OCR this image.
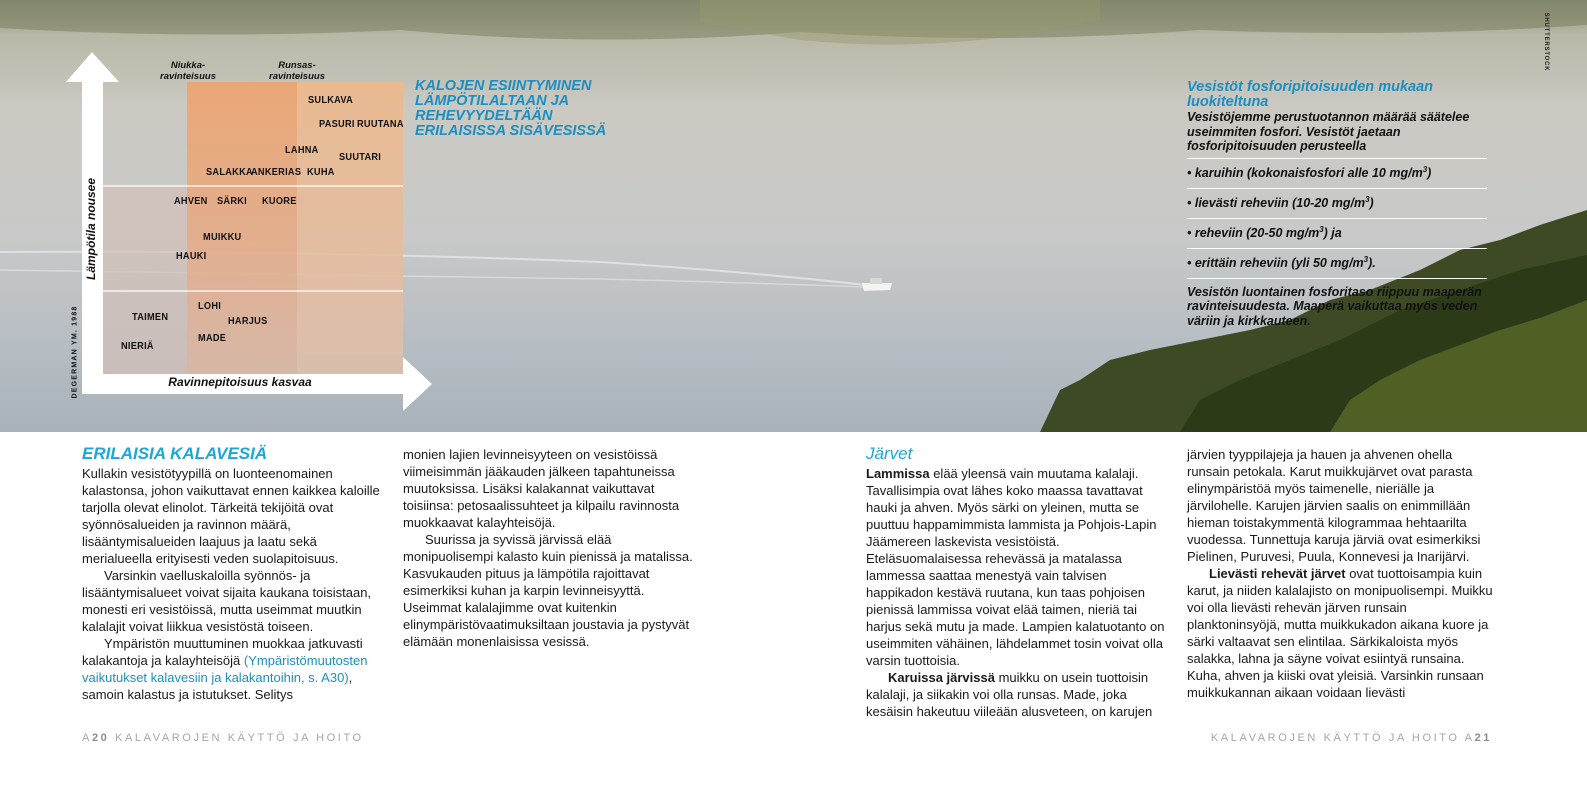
SHUTTERSTOCK
Niukka-
ravinteisuus
Runsas-
ravinteisuus
Lämpötila nousee
Ravinnepitoisuus kasvaa
DEGERMAN YM. 1988
SULKAVA
PASURI RUUTANA
LAHNA
SUUTARI
SALAKKA
ANKERIAS KUHA
AHVEN SÄRKI KUORE
MUIKKU
HAUKI
LOHI
TAIMEN	HARJUS
MADE
NIERIÄ
KALOJEN ESIINTYMINEN LÄMPÖTILALTAAN JA REHEVYYDELTÄÄN ERILAISISSA SISÄVESISSÄ
Vesistöt fosforipitoisuuden mukaan luokiteltuna
Vesistöjemme perustuotannon määrää säätelee useimmiten fosfori. Vesistöt jaetaan fosforipitoisuuden perusteella
• karuihin (kokonaisfosfori alle 10 $mg/m^3$)
• lievästi reheviin (10-20 $mg/m^3$)
• reheviin (20-50 $mg/m^3$) ja
• erittäin reheviin (yli 50 $mg/m^3$).
Vesistön luontainen fosforitaso riippuu maaperän ravinteisuudesta. Maaperä vaikuttaa myös veden väriin ja kirkkauteen.
ERILAISIA KALAVESIÄ

Kullakin vesistötyypillä on luonteenomainen kalastonsa, johon vaikuttavat ennen kaikkea kaloille tarjolla olevat elinolot. Tärkeitä tekijöitä ovat syönnösalueiden ja ravinnon määrä, lisääntymisalueiden laajuus ja laatu sekä merialueella erityisesti veden suolapitoisuus.

Varsinkin vaelluskaloilla syönnös- ja lisääntymisalueet voivat sijaita kaukana toisistaan, monesti eri vesistöissä, mutta useimmat muutkin kalalajit voivat liikkua vesistöstä toiseen.

Ympäristön muuttuminen muokkaa jatkuvasti kalakantoja ja kalayhteisöjä (Ympäristömuutosten vaikutukset kalavesiin ja kalakantoihin, s. A30), samoin kalastus ja istutukset. Selitys

monien lajien levinneisyyteen on vesistöissä viimeisimmän jääkauden jälkeen tapahtuneissa muutoksissa. Lisäksi kalakannat vaikuttavat toisiinsa: petosaalissuhteet ja kilpailu ravinnosta muokkaavat kalayhteisöjä.

Suurissa ja syvissä järvissä elää monipuolisempi kalasto kuin pienissä ja matalissa. Kasvukauden pituus ja lämpötila rajoittavat esimerkiksi kuhan ja karpin levinneisyyttä. Useimmat kalalajimme ovat kuitenkin elinympäristövaatimuksiltaan joustavia ja pystyvät elämään monenlaisissa vesissä.

Järvet

Lammissa elää yleensä vain muutama kalalaji. Tavallisimpia ovat lähes koko maassa tavattavat hauki ja ahven. Myös särki on yleinen, mutta se puuttuu happamimmista lammista ja Pohjois-Lapin Jäämereen laskevista vesistöistä. Eteläsuomalaisessa rehevässä ja matalassa lammessa saattaa menestyä vain talvisen happikadon kestävä ruutana, kun taas pohjoisen pienissä lammissa voivat elää taimen, nieriä tai harjus sekä mutu ja made. Lampien kalatuotanto on useimmiten vähäinen, lähdelammet tosin voivat olla varsin tuottoisia.

Karuissa järvissä muikku on usein tuottoisin kalalaji, ja siikakin voi olla runsas. Made, joka kesäisin hakeutuu viileään alusveteen, on karujen

järvien tyyppilajeja ja hauen ja ahvenen ohella runsain petokala. Karut muikkujärvet ovat parasta elinympäristöä myös taimenelle, nieriälle ja järvilohelle. Karujen järvien saalis on enimmillään hieman toistakymmentä kilogrammaa hehtaarilta vuodessa. Tunnettuja karuja järviä ovat esimerkiksi Pielinen, Puruvesi, Puula, Konnevesi ja Inarijärvi.

Lievästi rehevät järvet ovat tuottoisampia kuin karut, ja niiden kalalajisto on monipuolisempi. Muikku voi olla lievästi rehevän järven runsain planktoninsyöjä, mutta muikkukadon aikana kuore ja särki valtaavat sen elintilaa. Särkikaloista myös salakka, lahna ja säyne voivat esiintyä runsaina. Kuha, ahven ja kiiski ovat yleisiä. Varsinkin runsaan muikkukannan aikaan voidaan lievästi

A20 KALAVAROJEN KÄYTTÖ JA HOITO	KALAVAROJEN KÄYTTÖ JA HOITO A21
